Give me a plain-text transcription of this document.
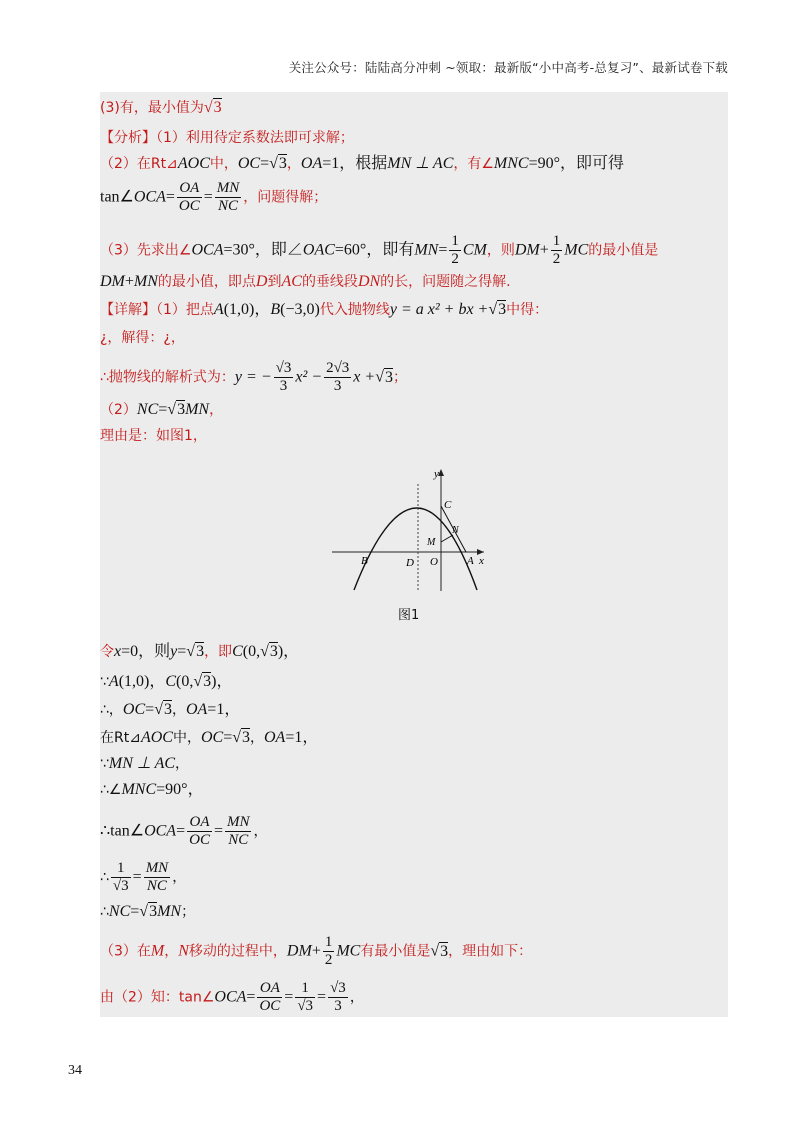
关注公众号：陆陆高分冲刺 ~领取：最新版“小中高考-总复习”、最新试卷下载
(3)有，最小值为√3
【分析】（1）利用待定系数法即可求解；
（2）在Rt⊿AOC中，OC=√3，OA=1，根据MN ⊥ AC，有∠MNC=90°，即可得
tan∠OCA= $\frac{OA}{OC} = \frac{MN}{NC}$ ，问题得解；
（3）先求出∠OCA=30°，即∠OAC=60°，即有$MN= \frac{1}{2}$ CM，则$DM+ \frac{1}{2}$ MC的最小值是
DM+MN的最小值，即点D到AC的垂线段DN的长，问题随之得解.
【详解】（1）把点A(1,0)，B(−3,0)代入抛物线y = a x² + bx +√3中得：
¿，解得：¿，
∴抛物线的解析式为：y = − $\frac{√3}{3} x^2 - \frac{2√3}{3}$ x +√3；
（2）NC=√3MN，
理由是：如图1，
y
x
C
N
M
B	D O	A
图1
令x=0，则y=√3，即C(0,√3)，
∵A(1,0)，C(0,√3)，
∴，OC=√3，OA=1，
在Rt⊿AOC中，OC=√3，OA=1，
∵MN ⊥ AC，
∴∠MNC=90°，
∴tan∠OCA= $\frac{OA}{OC} = \frac{MN}{NC}$ ，
∴ $\frac{1}{√3} = \frac{MN}{NC}$ ，
∴NC=√3MN；
（3）在M，N移动的过程中，$DM+ \frac{1}{2}$ MC有最小值是√3，理由如下：
由（2）知：tan∠OCA= $\frac{OA}{OC} = \frac{1}{√3} = \frac{√3}{3}$ ，
34
